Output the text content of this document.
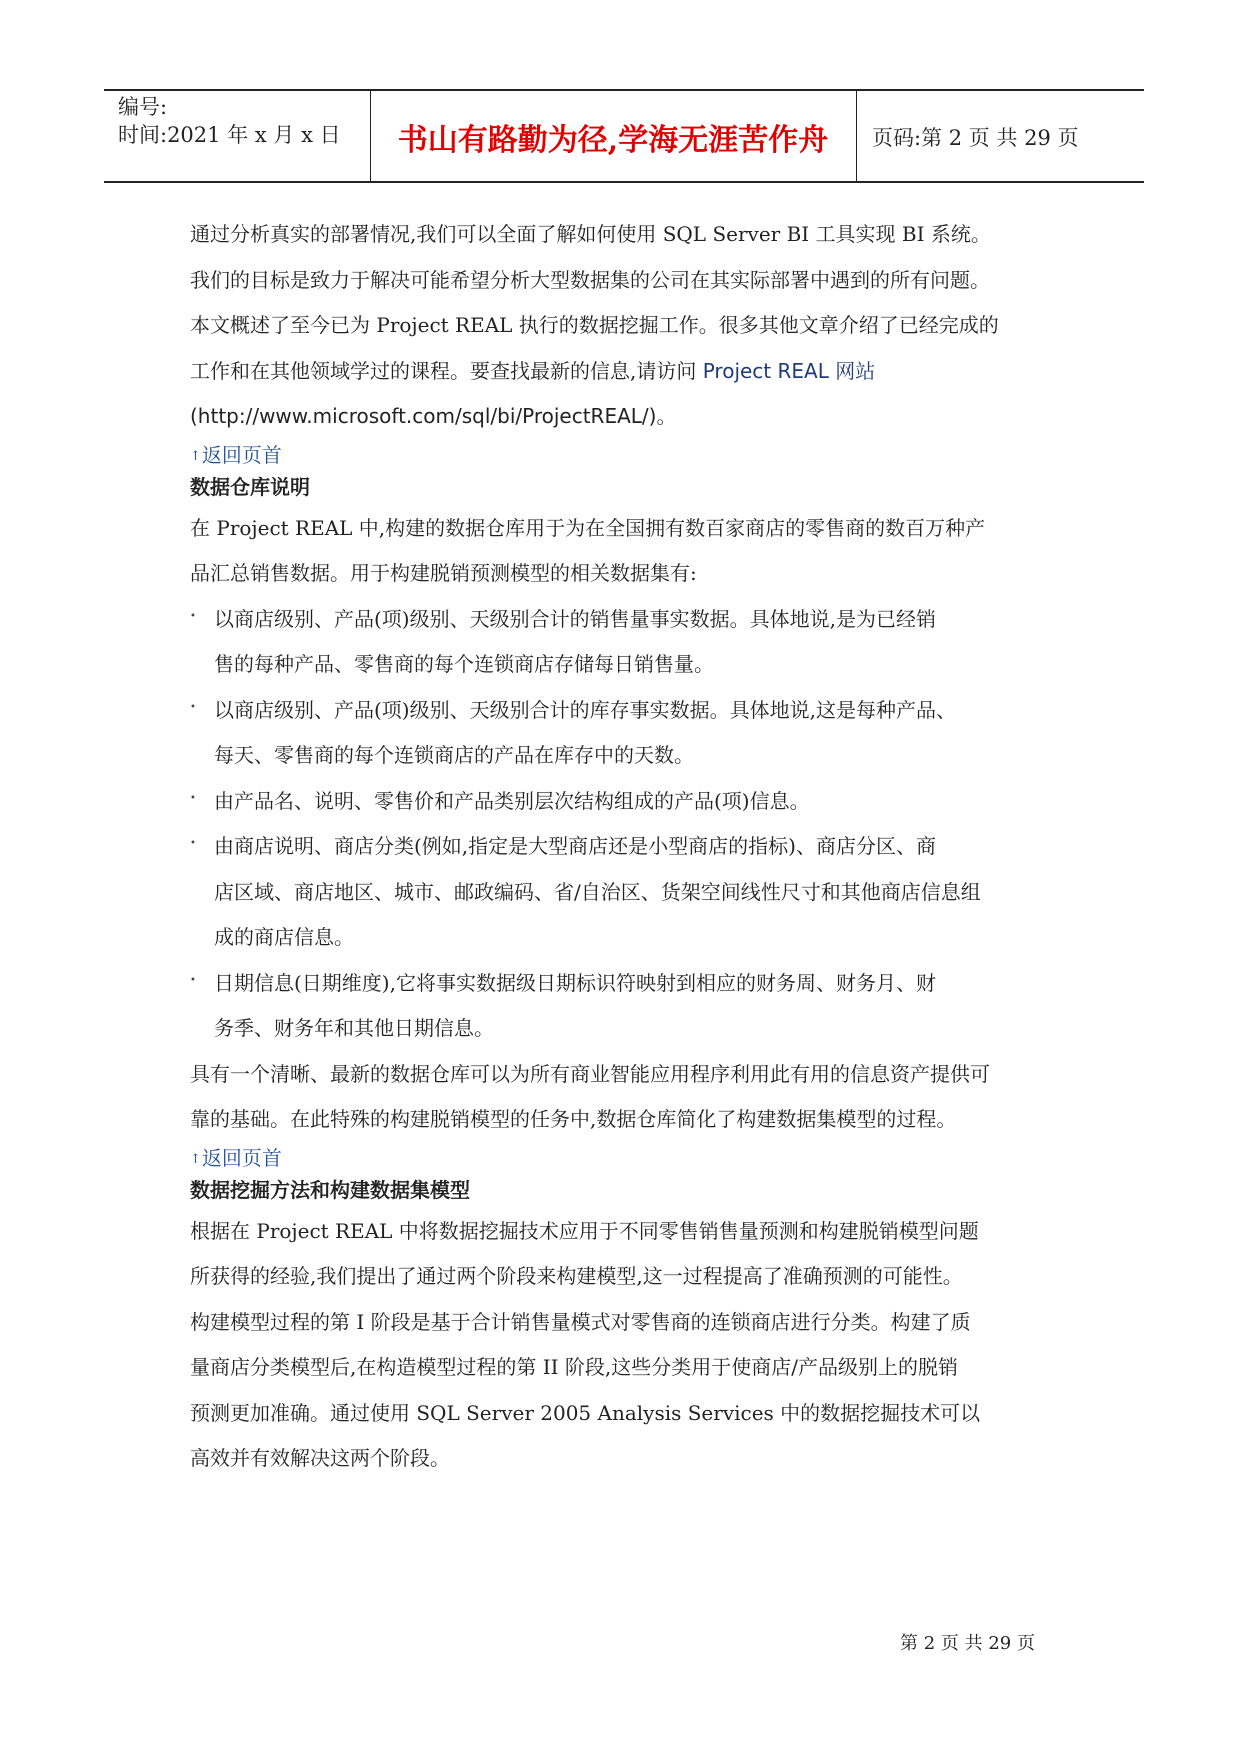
编号:
时间:2021 年 x 月 x 日	书山有路勤为径,学海无涯苦作舟	页码:第 2 页 共 29 页

通过分析真实的部署情况,我们可以全面了解如何使用 SQL Server BI 工具实现 BI 系统。

我们的目标是致力于解决可能希望分析大型数据集的公司在其实际部署中遇到的所有问题。

本文概述了至今已为 Project REAL 执行的数据挖掘工作。很多其他文章介绍了已经完成的

工作和在其他领域学过的课程。要查找最新的信息,请访问 Project REAL 网站

(http://www.microsoft.com/sql/bi/ProjectREAL/)。

↑ 返回页首

数据仓库说明

在 Project REAL 中,构建的数据仓库用于为在全国拥有数百家商店的零售商的数百万种产

品汇总销售数据。用于构建脱销预测模型的相关数据集有:

• 以商店级别、产品(项)级别、天级别合计的销售量事实数据。具体地说,是为已经销

售的每种产品、零售商的每个连锁商店存储每日销售量。

• 以商店级别、产品(项)级别、天级别合计的库存事实数据。具体地说,这是每种产品、

每天、零售商的每个连锁商店的产品在库存中的天数。

• 由产品名、说明、零售价和产品类别层次结构组成的产品(项)信息。

• 由商店说明、商店分类(例如,指定是大型商店还是小型商店的指标)、商店分区、商

店区域、商店地区、城市、邮政编码、省/自治区、货架空间线性尺寸和其他商店信息组

成的商店信息。

• 日期信息(日期维度),它将事实数据级日期标识符映射到相应的财务周、财务月、财

务季、财务年和其他日期信息。

具有一个清晰、最新的数据仓库可以为所有商业智能应用程序利用此有用的信息资产提供可

靠的基础。在此特殊的构建脱销模型的任务中,数据仓库简化了构建数据集模型的过程。

↑ 返回页首

数据挖掘方法和构建数据集模型

根据在 Project REAL 中将数据挖掘技术应用于不同零售销售量预测和构建脱销模型问题

所获得的经验,我们提出了通过两个阶段来构建模型,这一过程提高了准确预测的可能性。

构建模型过程的第 I 阶段是基于合计销售量模式对零售商的连锁商店进行分类。构建了质

量商店分类模型后,在构造模型过程的第 II 阶段,这些分类用于使商店/产品级别上的脱销

预测更加准确。通过使用 SQL Server 2005 Analysis Services 中的数据挖掘技术可以

高效并有效解决这两个阶段。

第 2 页 共 29 页
